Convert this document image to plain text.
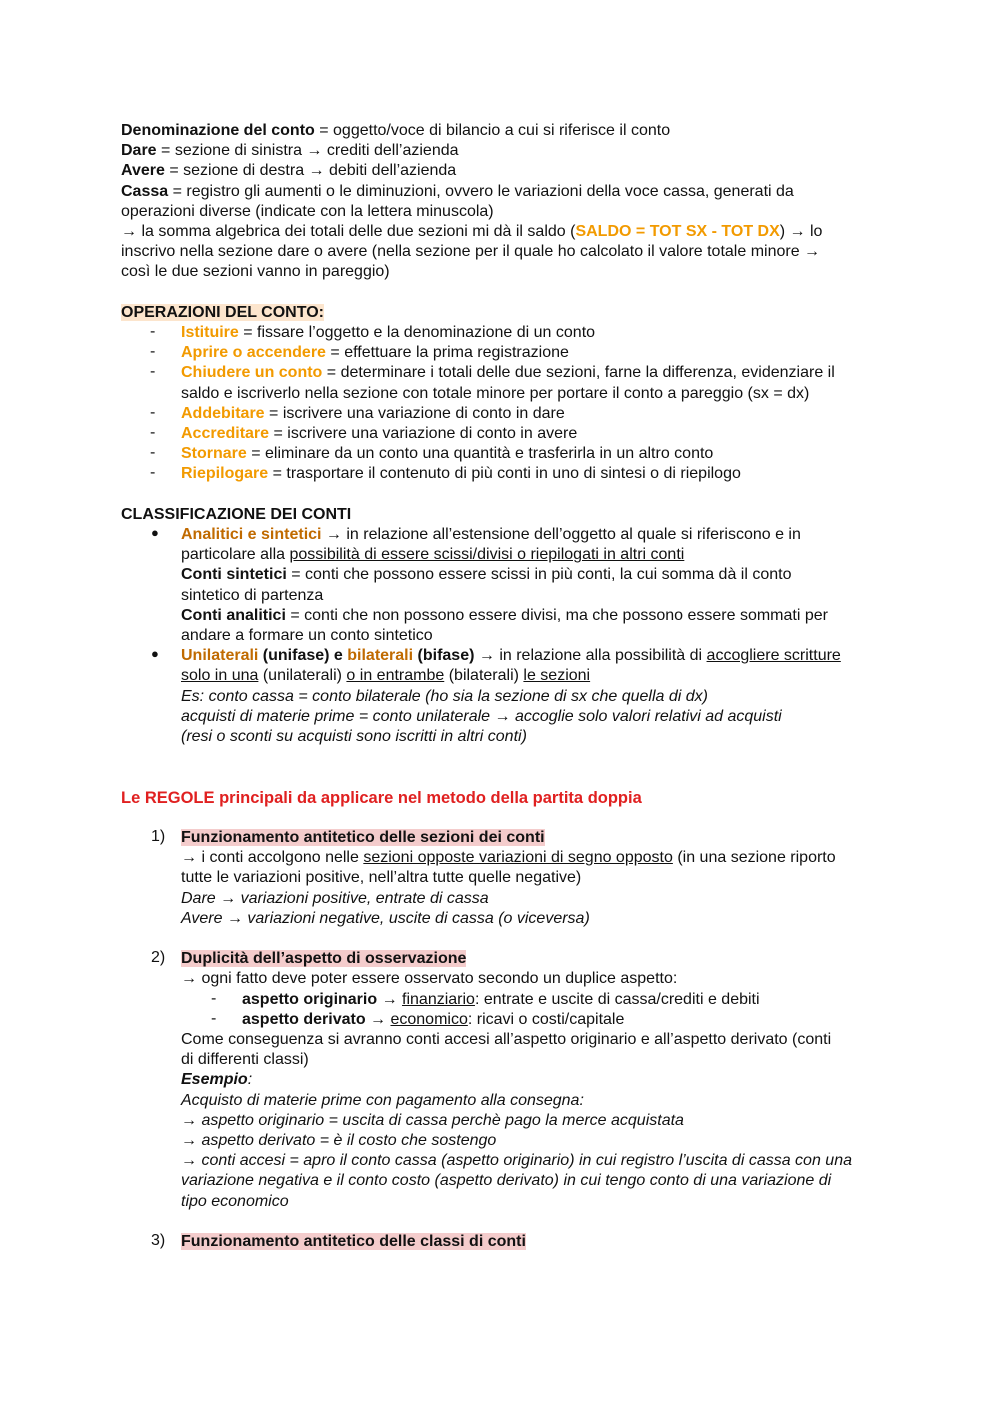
Denominazione del conto = oggetto/voce di bilancio a cui si riferisce il conto
Dare = sezione di sinistra → crediti dell’azienda
Avere = sezione di destra → debiti dell’azienda
Cassa = registro gli aumenti o le diminuzioni, ovvero le variazioni della voce cassa, generati da
operazioni diverse (indicate con la lettera minuscola)
→ la somma algebrica dei totali delle due sezioni mi dà il saldo (SALDO = TOT SX - TOT DX) → lo
inscrivo nella sezione dare o avere (nella sezione per il quale ho calcolato il valore totale minore →
così le due sezioni vanno in pareggio)
OPERAZIONI DEL CONTO:
- Istituire = fissare l’oggetto e la denominazione di un conto
- Aprire o accendere = effettuare la prima registrazione
- Chiudere un conto = determinare i totali delle due sezioni, farne la differenza, evidenziare il
saldo e iscriverlo nella sezione con totale minore per portare il conto a pareggio (sx = dx)
- Addebitare = iscrivere una variazione di conto in dare
- Accreditare = iscrivere una variazione di conto in avere
- Stornare = eliminare da un conto una quantità e trasferirla in un altro conto
- Riepilogare = trasportare il contenuto di più conti in uno di sintesi o di riepilogo
CLASSIFICAZIONE DEI CONTI
● Analitici e sintetici → in relazione all’estensione dell’oggetto al quale si riferiscono e in
particolare alla possibilità di essere scissi/divisi o riepilogati in altri conti
Conti sintetici = conti che possono essere scissi in più conti, la cui somma dà il conto
sintetico di partenza
Conti analitici = conti che non possono essere divisi, ma che possono essere sommati per
andare a formare un conto sintetico
● Unilaterali (unifase) e bilaterali (bifase) → in relazione alla possibilità di accogliere scritture
solo in una (unilaterali) o in entrambe (bilaterali) le sezioni
Es: conto cassa = conto bilaterale (ho sia la sezione di sx che quella di dx)
acquisti di materie prime = conto unilaterale → accoglie solo valori relativi ad acquisti
(resi o sconti su acquisti sono iscritti in altri conti)
Le REGOLE principali da applicare nel metodo della partita doppia
1) Funzionamento antitetico delle sezioni dei conti
→ i conti accolgono nelle sezioni opposte variazioni di segno opposto (in una sezione riporto
tutte le variazioni positive, nell’altra tutte quelle negative)
Dare → variazioni positive, entrate di cassa
Avere → variazioni negative, uscite di cassa (o viceversa)
2) Duplicità dell’aspetto di osservazione
→ ogni fatto deve poter essere osservato secondo un duplice aspetto:
- aspetto originario → finanziario: entrate e uscite di cassa/crediti e debiti
- aspetto derivato → economico: ricavi o costi/capitale
Come conseguenza si avranno conti accesi all’aspetto originario e all’aspetto derivato (conti
di differenti classi)
Esempio:
Acquisto di materie prime con pagamento alla consegna:
→ aspetto originario = uscita di cassa perchè pago la merce acquistata
→ aspetto derivato = è il costo che sostengo
→ conti accesi = apro il conto cassa (aspetto originario) in cui registro l’uscita di cassa con una
variazione negativa e il conto costo (aspetto derivato) in cui tengo conto di una variazione di
tipo economico
3) Funzionamento antitetico delle classi di conti
